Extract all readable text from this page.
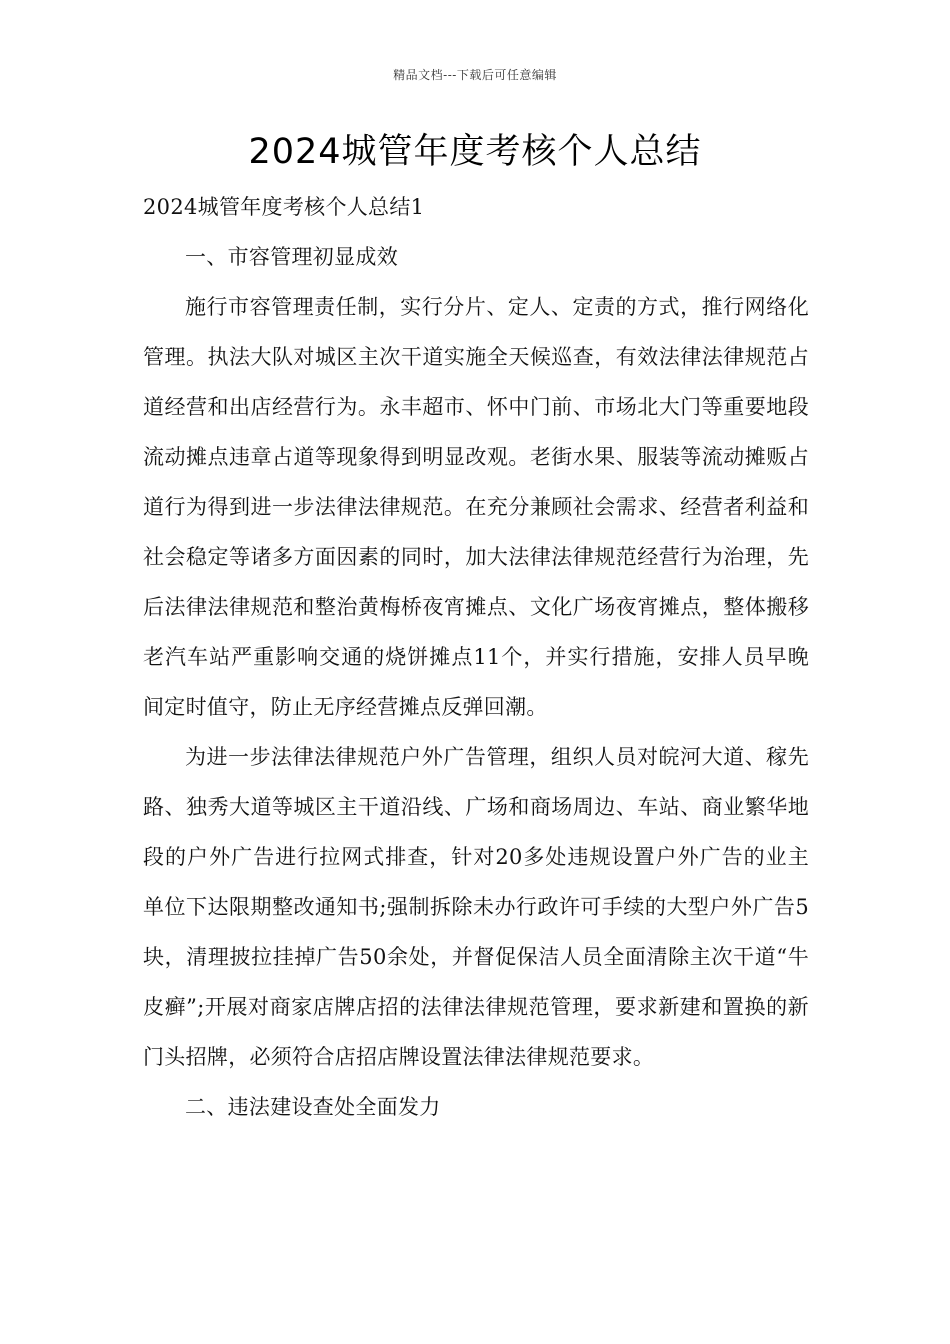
精品文档---下载后可任意编辑
2024城管年度考核个人总结

2024城管年度考核个人总结1

一、市容管理初显成效

施行市容管理责任制，实行分片、定人、定责的方式，推行网络化管理。执法大队对城区主次干道实施全天候巡查，有效法律法律规范占道经营和出店经营行为。永丰超市、怀中门前、市场北大门等重要地段流动摊点违章占道等现象得到明显改观。老街水果、服装等流动摊贩占道行为得到进一步法律法律规范。在充分兼顾社会需求、经营者利益和社会稳定等诸多方面因素的同时，加大法律法律规范经营行为治理，先后法律法律规范和整治黄梅桥夜宵摊点、文化广场夜宵摊点，整体搬移老汽车站严重影响交通的烧饼摊点11个，并实行措施，安排人员早晚间定时值守，防止无序经营摊点反弹回潮。

为进一步法律法律规范户外广告管理，组织人员对皖河大道、稼先路、独秀大道等城区主干道沿线、广场和商场周边、车站、商业繁华地段的户外广告进行拉网式排查，针对20多处违规设置户外广告的业主单位下达限期整改通知书;强制拆除未办行政许可手续的大型户外广告5块，清理披拉挂掉广告50余处，并督促保洁人员全面清除主次干道“牛皮癣”;开展对商家店牌店招的法律法律规范管理，要求新建和置换的新门头招牌，必须符合店招店牌设置法律法律规范要求。

二、违法建设查处全面发力
